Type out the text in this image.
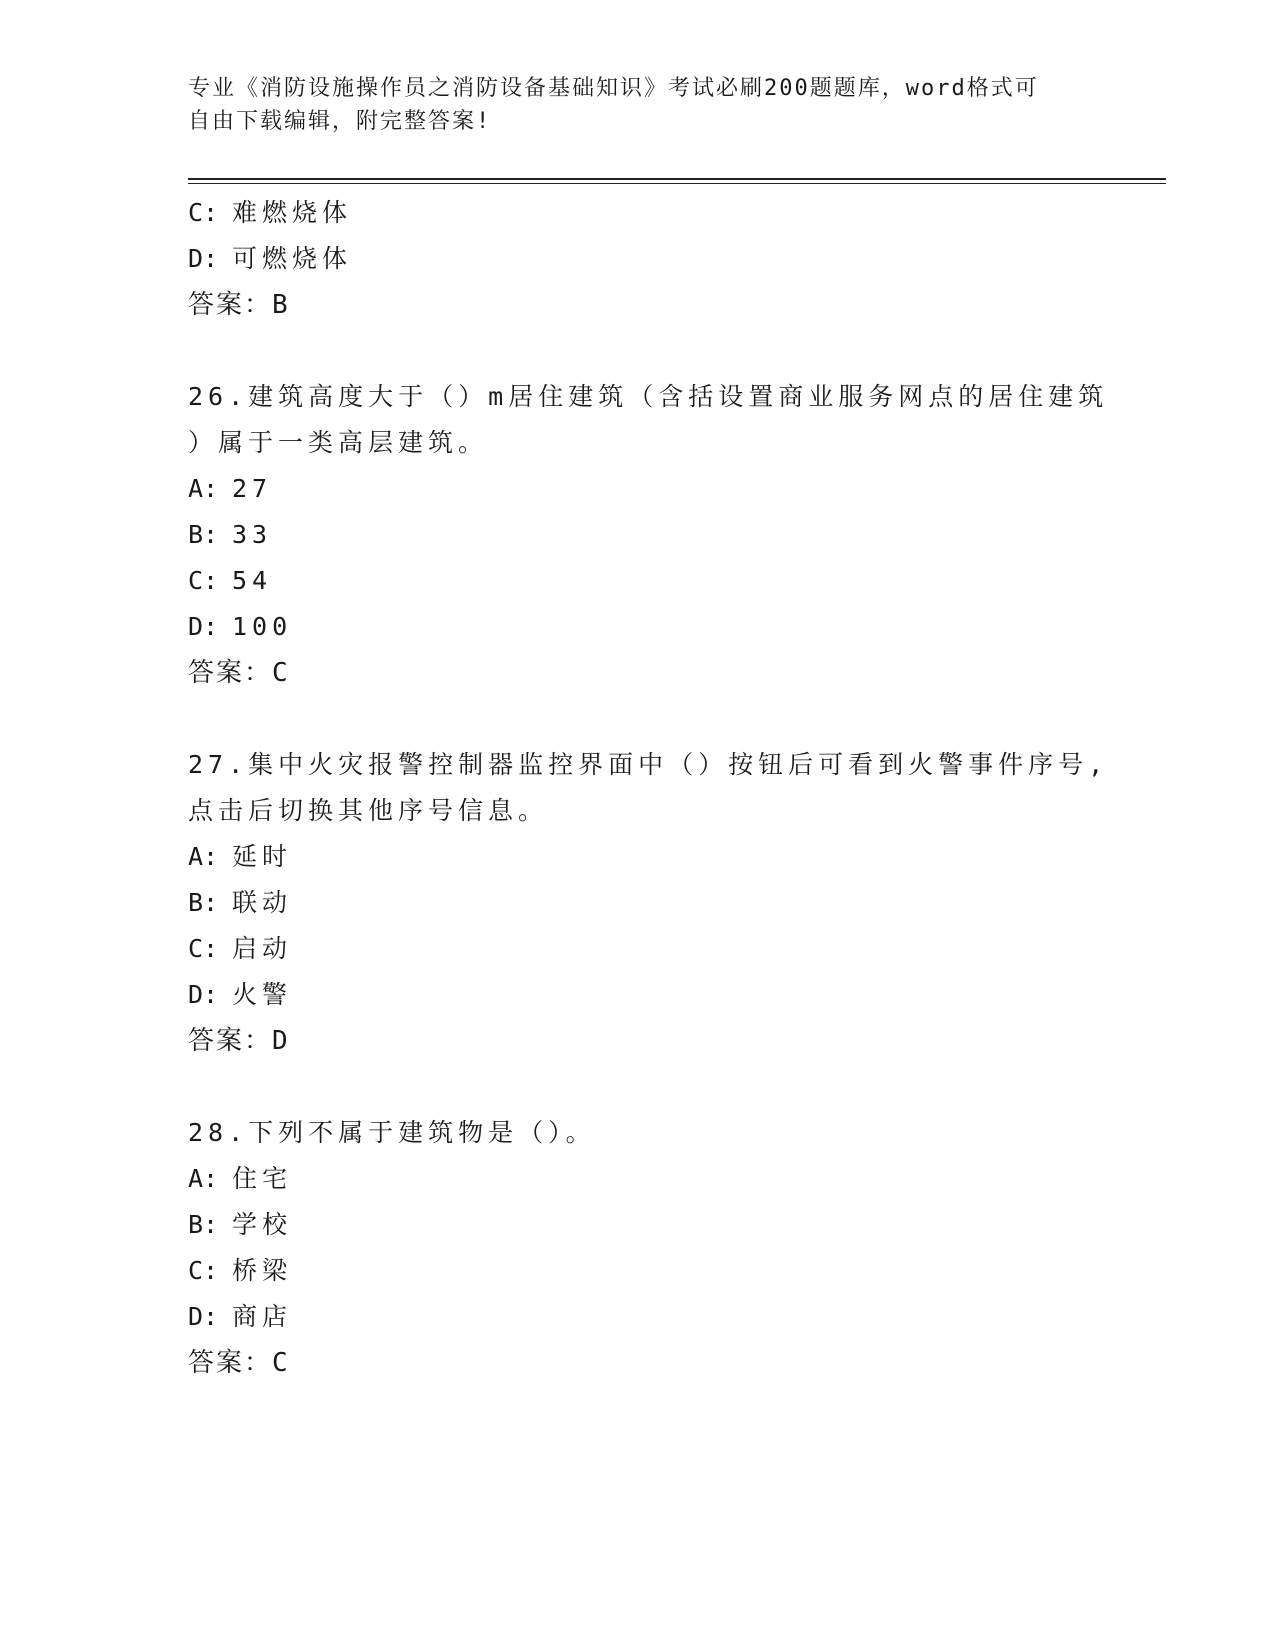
专业《消防设施操作员之消防设备基础知识》考试必刷200题题库，word格式可
自由下载编辑，附完整答案!
C: 难燃烧体
D: 可燃烧体
答案：B
26.建筑高度大于（）m居住建筑（含括设置商业服务网点的居住建筑
）属于一类高层建筑。
A: 27
B: 33
C: 54
D: 100
答案：C
27.集中火灾报警控制器监控界面中（）按钮后可看到火警事件序号,
点击后切换其他序号信息。
A: 延时
B: 联动
C: 启动
D: 火警
答案：D
28.下列不属于建筑物是（）。
A: 住宅
B: 学校
C: 桥梁
D: 商店
答案：C
